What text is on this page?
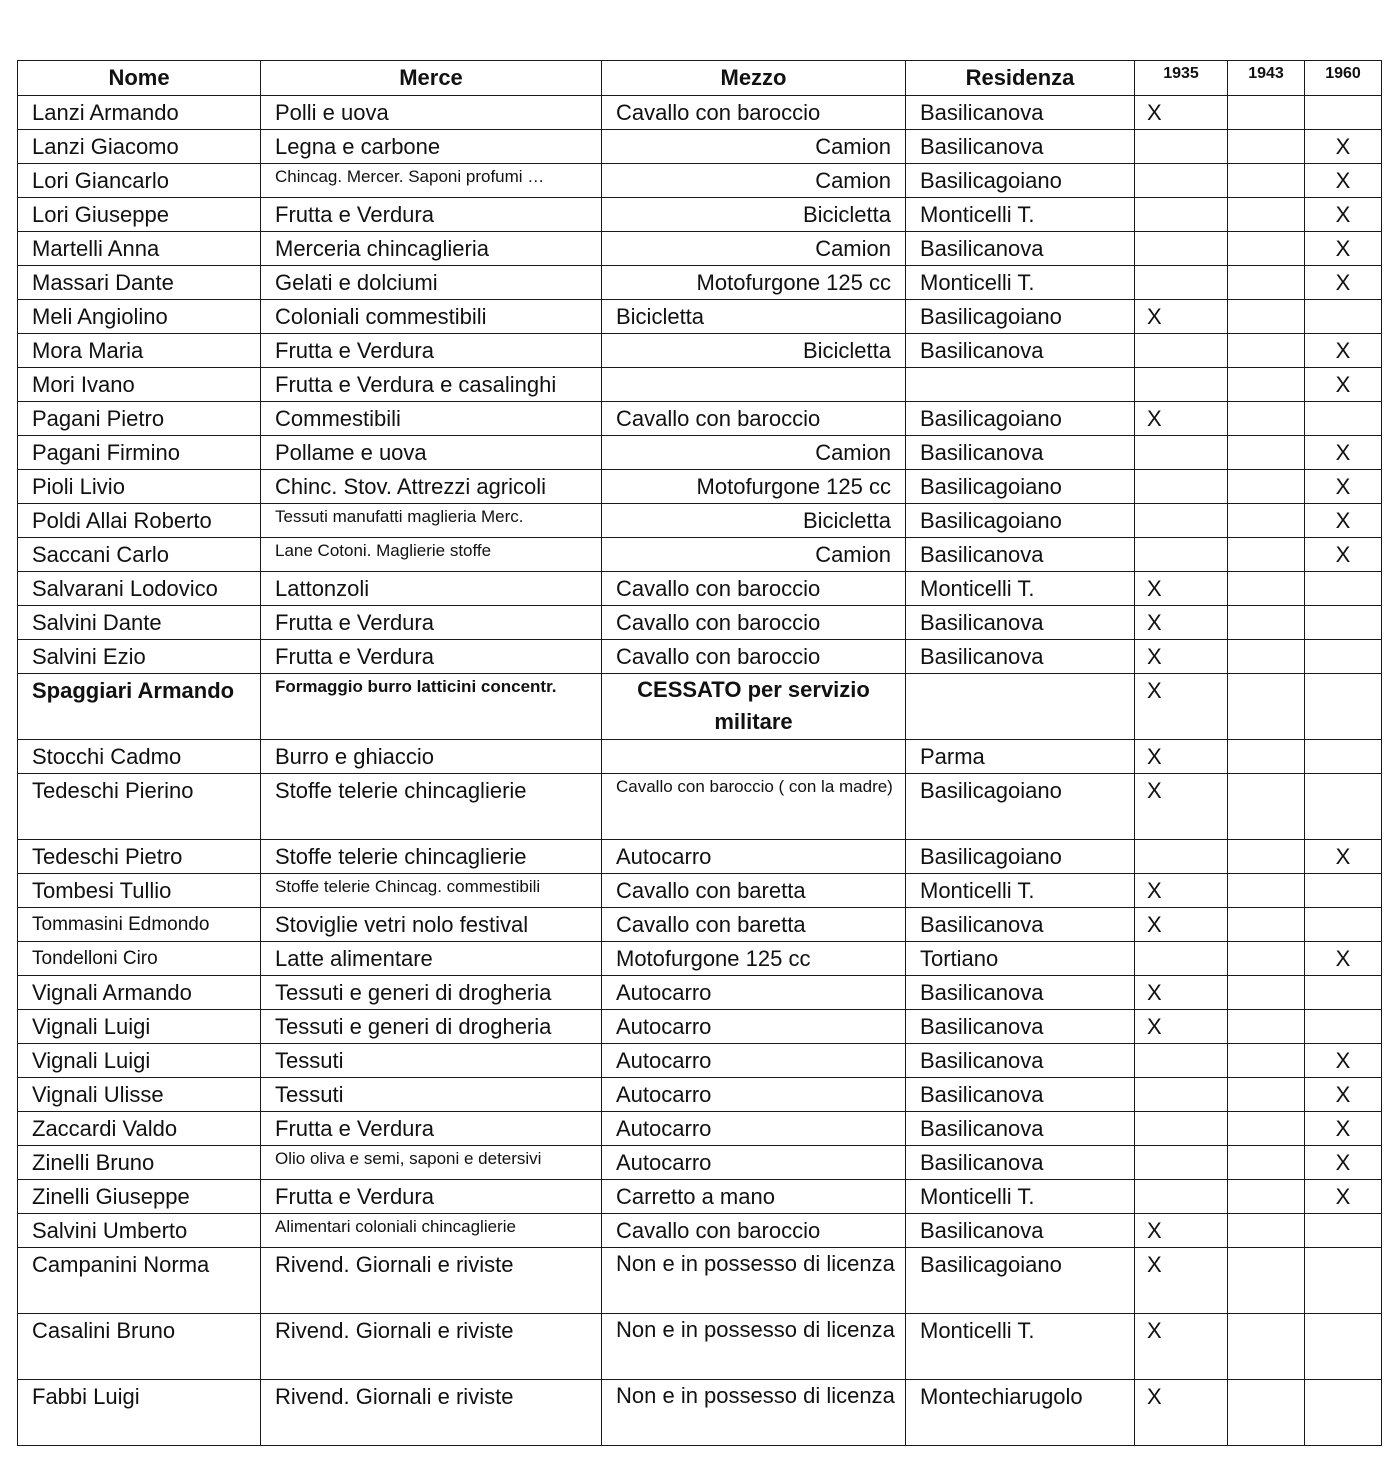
Nome	Merce	Mezzo	Residenza	1935	1943	1960
Lanzi Armando	Polli e uova	Cavallo con baroccio	Basilicanova	X		
Lanzi Giacomo	Legna e carbone	Camion	Basilicanova			X
Lori Giancarlo	Chincag. Mercer. Saponi profumi …	Camion	Basilicagoiano			X
Lori Giuseppe	Frutta e Verdura	Bicicletta	Monticelli T.			X
Martelli Anna	Merceria chincaglieria	Camion	Basilicanova			X
Massari Dante	Gelati e dolciumi	Motofurgone 125 cc	Monticelli T.			X
Meli Angiolino	Coloniali commestibili	Bicicletta	Basilicagoiano	X		
Mora Maria	Frutta e Verdura	Bicicletta	Basilicanova			X
Mori Ivano	Frutta e Verdura e casalinghi					X
Pagani Pietro	Commestibili	Cavallo con baroccio	Basilicagoiano	X		
Pagani Firmino	Pollame e uova	Camion	Basilicanova			X
Pioli Livio	Chinc. Stov. Attrezzi agricoli	Motofurgone 125 cc	Basilicagoiano			X
Poldi Allai Roberto	Tessuti manufatti maglieria Merc.	Bicicletta	Basilicagoiano			X
Saccani Carlo	Lane Cotoni. Maglierie stoffe	Camion	Basilicanova			X
Salvarani Lodovico	Lattonzoli	Cavallo con baroccio	Monticelli T.	X		
Salvini Dante	Frutta e Verdura	Cavallo con baroccio	Basilicanova	X		
Salvini Ezio	Frutta e Verdura	Cavallo con baroccio	Basilicanova	X		
Spaggiari Armando	Formaggio burro latticini concentr.	CESSATO per servizio militare		X		
Stocchi Cadmo	Burro e ghiaccio		Parma	X		
Tedeschi Pierino	Stoffe telerie chincaglierie	Cavallo con baroccio ( con la madre)	Basilicagoiano	X		
Tedeschi Pietro	Stoffe telerie chincaglierie	Autocarro	Basilicagoiano			X
Tombesi Tullio	Stoffe telerie Chincag. commestibili	Cavallo con baretta	Monticelli T.	X		
Tommasini Edmondo	Stoviglie vetri nolo festival	Cavallo con baretta	Basilicanova	X		
Tondelloni Ciro	Latte alimentare	Motofurgone 125 cc	Tortiano			X
Vignali Armando	Tessuti e generi di drogheria	Autocarro	Basilicanova	X		
Vignali Luigi	Tessuti e generi di drogheria	Autocarro	Basilicanova	X		
Vignali Luigi	Tessuti	Autocarro	Basilicanova			X
Vignali Ulisse	Tessuti	Autocarro	Basilicanova			X
Zaccardi Valdo	Frutta e Verdura	Autocarro	Basilicanova			X
Zinelli Bruno	Olio oliva e semi, saponi e detersivi	Autocarro	Basilicanova			X
Zinelli Giuseppe	Frutta e Verdura	Carretto a mano	Monticelli T.			X
Salvini Umberto	Alimentari coloniali chincaglierie	Cavallo con baroccio	Basilicanova	X		
Campanini Norma	Rivend. Giornali e riviste	Non e in possesso di licenza	Basilicagoiano	X		
Casalini Bruno	Rivend. Giornali e riviste	Non e in possesso di licenza	Monticelli T.	X		
Fabbi Luigi	Rivend. Giornali e riviste	Non e in possesso di licenza	Montechiarugolo	X		
